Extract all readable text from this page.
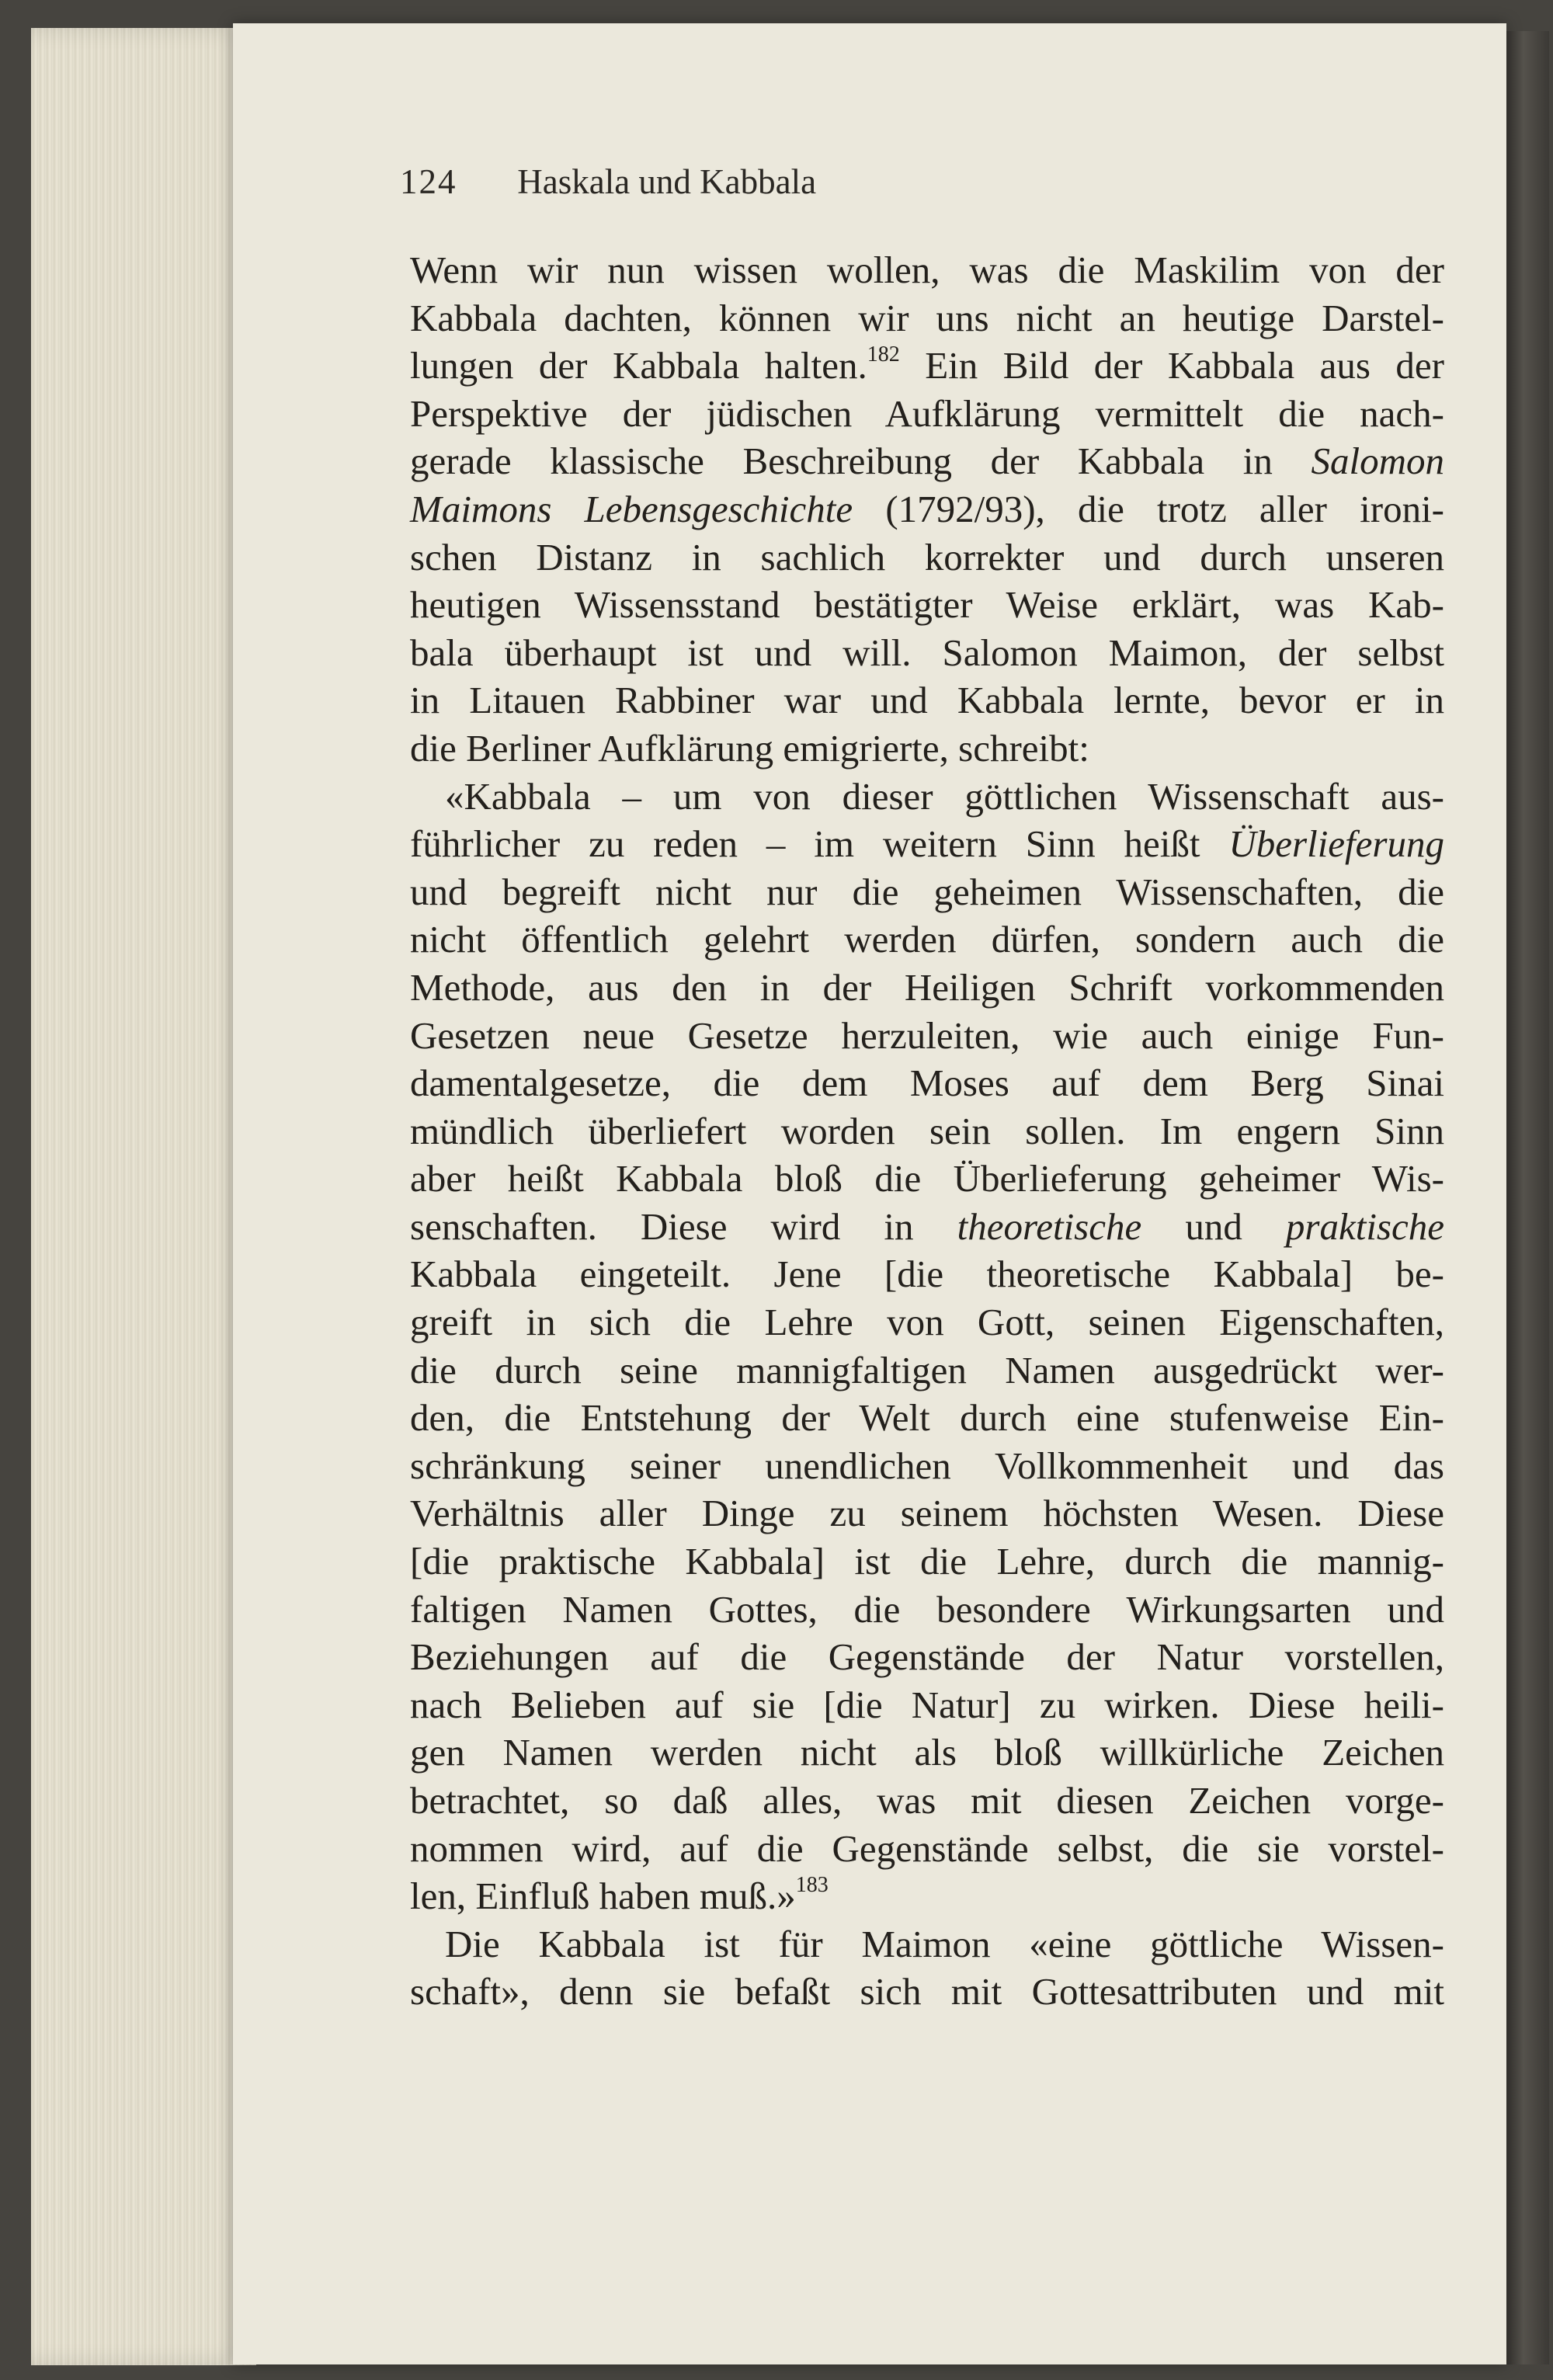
124 Haskala und Kabbala
Wenn wir nun wissen wollen, was die Maskilim von der
Kabbala dachten, können wir uns nicht an heutige Darstel-
lungen der Kabbala halten.$^{182}$ Ein Bild der Kabbala aus der
Perspektive der jüdischen Aufklärung vermittelt die nach-
gerade klassische Beschreibung der Kabbala in Salomon
Maimons Lebensgeschichte (1792/93), die trotz aller ironi-
schen Distanz in sachlich korrekter und durch unseren
heutigen Wissensstand bestätigter Weise erklärt, was Kab-
bala überhaupt ist und will. Salomon Maimon, der selbst
in Litauen Rabbiner war und Kabbala lernte, bevor er in
die Berliner Aufklärung emigrierte, schreibt:
«Kabbala – um von dieser göttlichen Wissenschaft aus-
führlicher zu reden – im weitern Sinn heißt Überlieferung
und begreift nicht nur die geheimen Wissenschaften, die
nicht öffentlich gelehrt werden dürfen, sondern auch die
Methode, aus den in der Heiligen Schrift vorkommenden
Gesetzen neue Gesetze herzuleiten, wie auch einige Fun-
damentalgesetze, die dem Moses auf dem Berg Sinai
mündlich überliefert worden sein sollen. Im engern Sinn
aber heißt Kabbala bloß die Überlieferung geheimer Wis-
senschaften. Diese wird in theoretische und praktische
Kabbala eingeteilt. Jene [die theoretische Kabbala] be-
greift in sich die Lehre von Gott, seinen Eigenschaften,
die durch seine mannigfaltigen Namen ausgedrückt wer-
den, die Entstehung der Welt durch eine stufenweise Ein-
schränkung seiner unendlichen Vollkommenheit und das
Verhältnis aller Dinge zu seinem höchsten Wesen. Diese
[die praktische Kabbala] ist die Lehre, durch die mannig-
faltigen Namen Gottes, die besondere Wirkungsarten und
Beziehungen auf die Gegenstände der Natur vorstellen,
nach Belieben auf sie [die Natur] zu wirken. Diese heili-
gen Namen werden nicht als bloß willkürliche Zeichen
betrachtet, so daß alles, was mit diesen Zeichen vorge-
nommen wird, auf die Gegenstände selbst, die sie vorstel-
len, Einfluß haben muß.»$^{183}$
Die Kabbala ist für Maimon «eine göttliche Wissen-
schaft», denn sie befaßt sich mit Gottesattributen und mit
